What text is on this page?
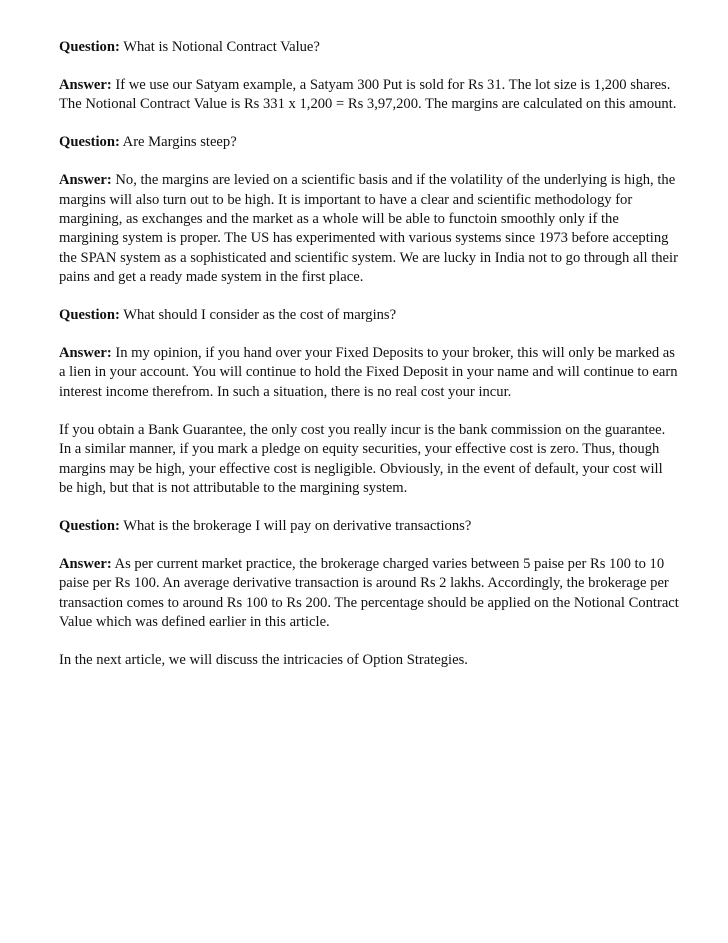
Question: What is Notional Contract Value?

Answer: If we use our Satyam example, a Satyam 300 Put is sold for Rs 31. The lot size is 1,200 shares.
The Notional Contract Value is Rs 331 x 1,200 = Rs 3,97,200. The margins are calculated on this amount.

Question: Are Margins steep?

Answer: No, the margins are levied on a scientific basis and if the volatility of the underlying is high, the
margins will also turn out to be high. It is important to have a clear and scientific methodology for
margining, as exchanges and the market as a whole will be able to functoin smoothly only if the
margining system is proper. The US has experimented with various systems since 1973 before accepting
the SPAN system as a sophisticated and scientific system. We are lucky in India not to go through all their
pains and get a ready made system in the first place.

Question: What should I consider as the cost of margins?

Answer: In my opinion, if you hand over your Fixed Deposits to your broker, this will only be marked as
a lien in your account. You will continue to hold the Fixed Deposit in your name and will continue to earn
interest income therefrom. In such a situation, there is no real cost your incur.

If you obtain a Bank Guarantee, the only cost you really incur is the bank commission on the guarantee.
In a similar manner, if you mark a pledge on equity securities, your effective cost is zero. Thus, though
margins may be high, your effective cost is negligible. Obviously, in the event of default, your cost will
be high, but that is not attributable to the margining system.

Question: What is the brokerage I will pay on derivative transactions?

Answer: As per current market practice, the brokerage charged varies between 5 paise per Rs 100 to 10
paise per Rs 100. An average derivative transaction is around Rs 2 lakhs. Accordingly, the brokerage per
transaction comes to around Rs 100 to Rs 200. The percentage should be applied on the Notional Contract
Value which was defined earlier in this article.

In the next article, we will discuss the intricacies of Option Strategies.
